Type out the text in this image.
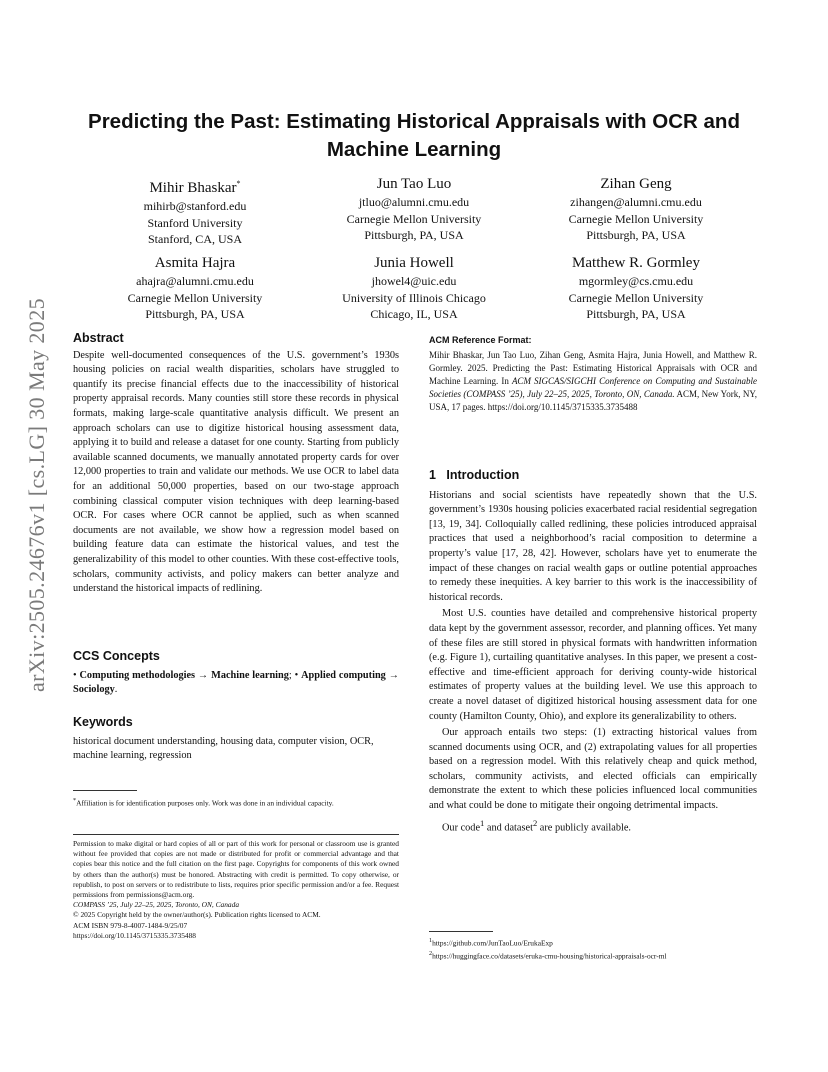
arXiv:2505.24676v1 [cs.LG] 30 May 2025
Predicting the Past: Estimating Historical Appraisals with OCR and Machine Learning
Mihir Bhaskar*
mihirb@stanford.edu
Stanford University
Stanford, CA, USA
Jun Tao Luo
jtluo@alumni.cmu.edu
Carnegie Mellon University
Pittsburgh, PA, USA
Zihan Geng
zihangen@alumni.cmu.edu
Carnegie Mellon University
Pittsburgh, PA, USA
Asmita Hajra
ahajra@alumni.cmu.edu
Carnegie Mellon University
Pittsburgh, PA, USA
Junia Howell
jhowel4@uic.edu
University of Illinois Chicago
Chicago, IL, USA
Matthew R. Gormley
mgormley@cs.cmu.edu
Carnegie Mellon University
Pittsburgh, PA, USA
Abstract

Despite well-documented consequences of the U.S. government’s 1930s housing policies on racial wealth disparities, scholars have struggled to quantify its precise financial effects due to the inaccessibility of historical property appraisal records. Many counties still store these records in physical formats, making large-scale quantitative analysis difficult. We present an approach scholars can use to digitize historical housing assessment data, applying it to build and release a dataset for one county. Starting from publicly available scanned documents, we manually annotated property cards for over 12,000 properties to train and validate our methods. We use OCR to label data for an additional 50,000 properties, based on our two-stage approach combining classical computer vision techniques with deep learning-based OCR. For cases where OCR cannot be applied, such as when scanned documents are not available, we show how a regression model based on building feature data can estimate the historical values, and test the generalizability of this model to other counties. With these cost-effective tools, scholars, community activists, and policy makers can better analyze and understand the historical impacts of redlining.

CCS Concepts

• Computing methodologies → Machine learning; • Applied computing → Sociology.

Keywords

historical document understanding, housing data, computer vision, OCR, machine learning, regression

*Affiliation is for identification purposes only. Work was done in an individual capacity.

Permission to make digital or hard copies of all or part of this work for personal or classroom use is granted without fee provided that copies are not made or distributed for profit or commercial advantage and that copies bear this notice and the full citation on the first page. Copyrights for components of this work owned by others than the author(s) must be honored. Abstracting with credit is permitted. To copy otherwise, or republish, to post on servers or to redistribute to lists, requires prior specific permission and/or a fee. Request permissions from permissions@acm.org.

COMPASS ’25, July 22–25, 2025, Toronto, ON, Canada

© 2025 Copyright held by the owner/author(s). Publication rights licensed to ACM.

ACM ISBN 979-8-4007-1484-9/25/07

https://doi.org/10.1145/3715335.3735488

ACM Reference Format:

Mihir Bhaskar, Jun Tao Luo, Zihan Geng, Asmita Hajra, Junia Howell, and Matthew R. Gormley. 2025. Predicting the Past: Estimating Historical Appraisals with OCR and Machine Learning. In ACM SIGCAS/SIGCHI Conference on Computing and Sustainable Societies (COMPASS ’25), July 22–25, 2025, Toronto, ON, Canada. ACM, New York, NY, USA, 17 pages. https://doi.org/10.1145/3715335.3735488

1 Introduction

Historians and social scientists have repeatedly shown that the U.S. government’s 1930s housing policies exacerbated racial residential segregation [13, 19, 34]. Colloquially called redlining, these policies introduced appraisal practices that used a neighborhood’s racial composition to determine a property’s value [17, 28, 42]. However, scholars have yet to enumerate the impact of these changes on racial wealth gaps or outline potential approaches to remedy these inequities. A key barrier to this work is the inaccessibility of historical records.

Most U.S. counties have detailed and comprehensive historical property data kept by the government assessor, recorder, and planning offices. Yet many of these files are still stored in physical formats with handwritten information (e.g. Figure 1), curtailing quantitative analyses. In this paper, we present a cost-effective and time-efficient approach for deriving county-wide historical estimates of property values at the building level. We use this approach to create a novel dataset of digitized historical housing assessment data for one county (Hamilton County, Ohio), and explore its generalizability to others.

Our approach entails two steps: (1) extracting historical values from scanned documents using OCR, and (2) extrapolating values for all properties based on a regression model. With this relatively cheap and quick method, scholars, community activists, and elected officials can empirically demonstrate the extent to which these policies influenced local communities and what could be done to mitigate their ongoing detrimental impacts.

Our code$^1$ and dataset$^2$ are publicly available.

$^1$https://github.com/JunTaoLuo/ErukaExp
$^2$https://huggingface.co/datasets/eruka-cmu-housing/historical-appraisals-ocr-ml
